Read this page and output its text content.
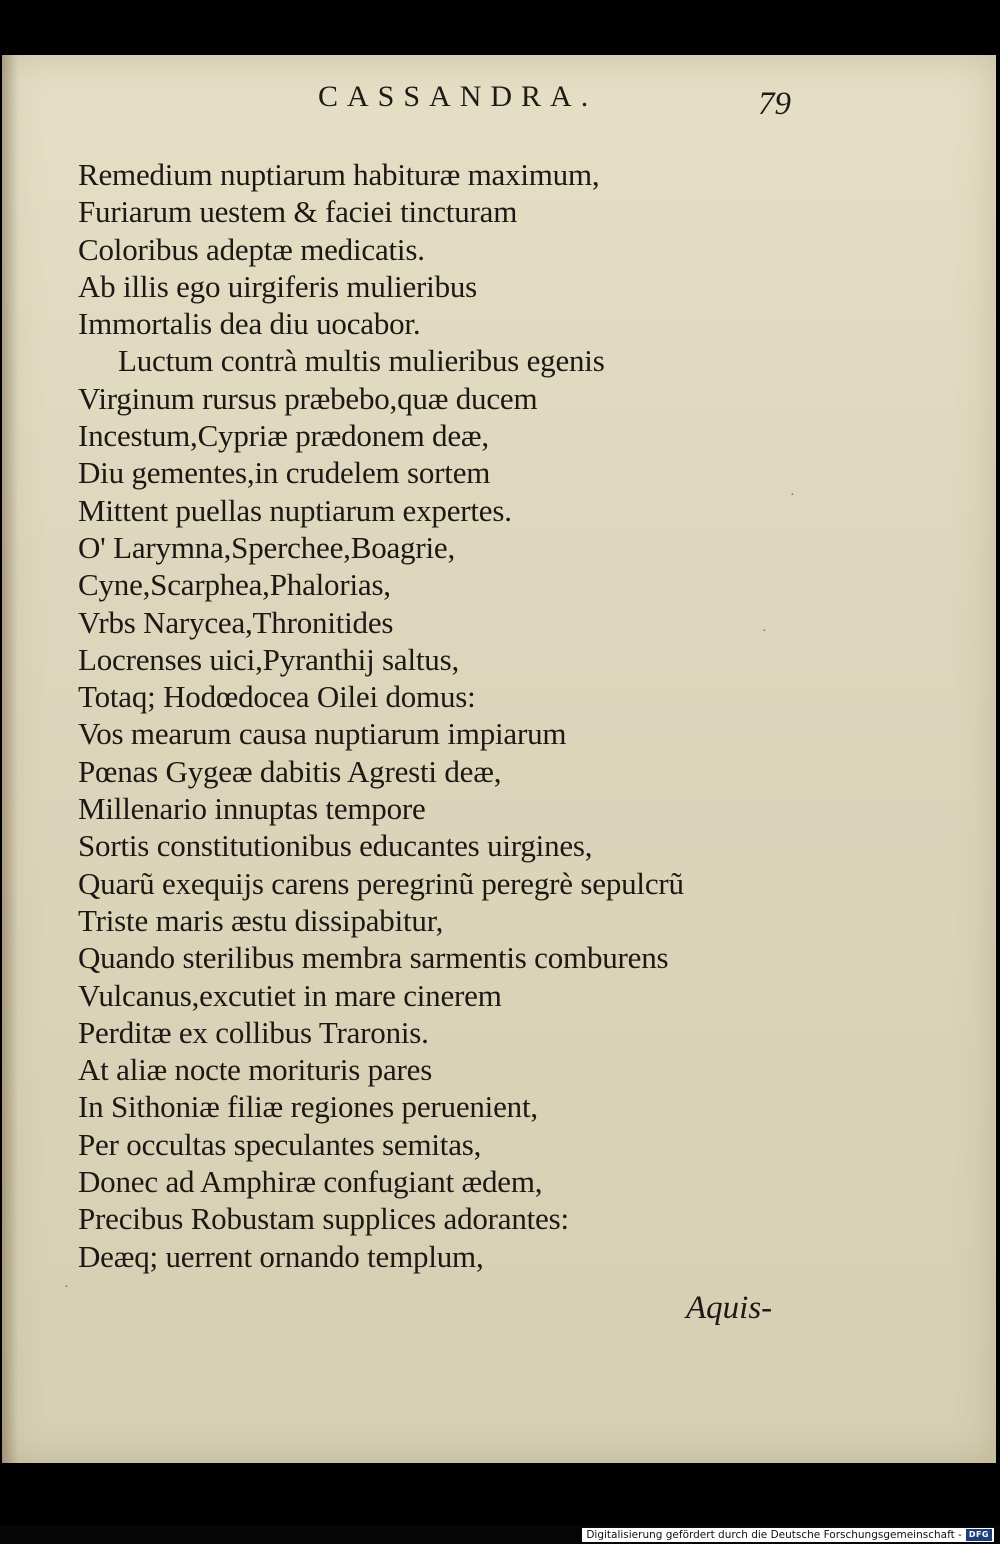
CASSANDRA.	79
Remedium nuptiarum habituræ maximum,
Furiarum uestem & faciei tincturam
Coloribus adeptæ medicatis.
Ab illis ego uirgiferis mulieribus
Immortalis dea diu uocabor.
Luctum contrà multis mulieribus egenis
Virginum rursus præbebo,quæ ducem
Incestum,Cypriæ prædonem deæ,
Diu gementes,in crudelem sortem
Mittent puellas nuptiarum expertes.
O' Larymna,Sperchee,Boagrie,
Cyne,Scarphea,Phalorias,
Vrbs Narycea,Thronitides
Locrenses uici,Pyranthij saltus,
Totaq; Hodœdocea Oilei domus:
Vos mearum causa nuptiarum impiarum
Pœnas Gygeæ dabitis Agresti deæ,
Millenario innuptas tempore
Sortis constitutionibus educantes uirgines,
Quarũ exequijs carens peregrinũ peregrè sepulcrũ
Triste maris æstu dissipabitur,
Quando sterilibus membra sarmentis comburens
Vulcanus,excutiet in mare cinerem
Perditæ ex collibus Traronis.
At aliæ nocte morituris pares
In Sithoniæ filiæ regiones peruenient,
Per occultas speculantes semitas,
Donec ad Amphiræ confugiant ædem,
Precibus Robustam supplices adorantes:
Deæq; uerrent ornando templum,
Aquis-
·
·
·
Digitalisierung gefördert durch die Deutsche Forschungsgemeinschaft - DFG
